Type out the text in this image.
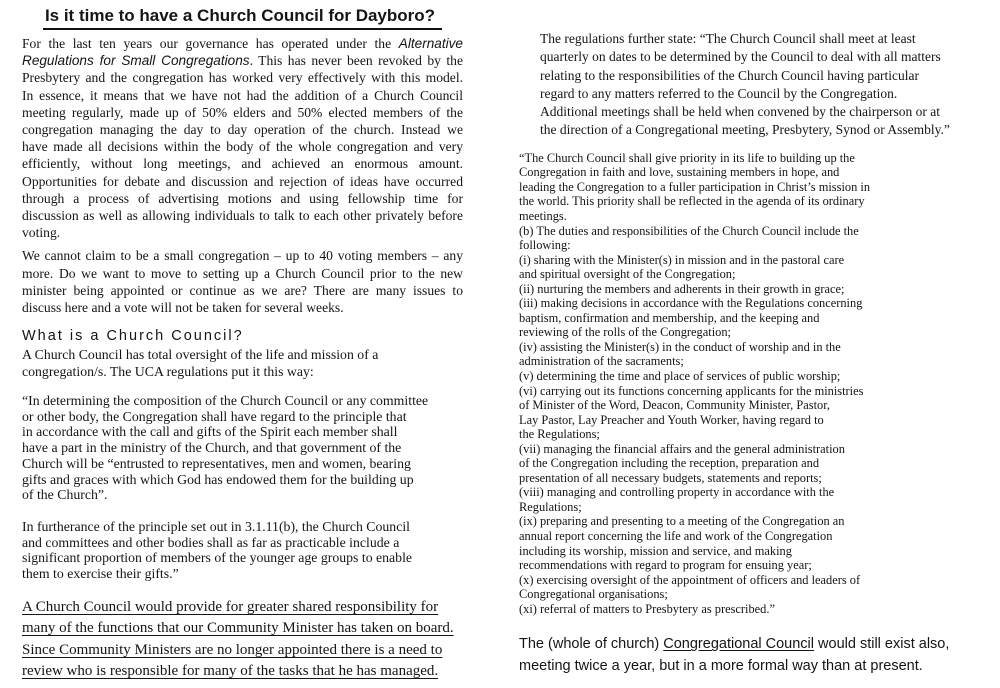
Is it time to have a Church Council for Dayboro?
For the last ten years our governance has operated under the Alternative
Regulations for Small Congregations. This has never been revoked by the
Presbytery and the congregation has worked very effectively with this model.
In essence, it means that we have not had the addition of a Church Council
meeting regularly, made up of 50% elders and 50% elected members of the
congregation managing the day to day operation of the church. Instead we
have made all decisions within the body of the whole congregation and very
efficiently, without long meetings, and achieved an enormous amount.
Opportunities for debate and discussion and rejection of ideas have occurred
through a process of advertising motions and using fellowship time for
discussion as well as allowing individuals to talk to each other privately before
voting.
We cannot claim to be a small congregation – up to 40 voting members – any
more. Do we want to move to setting up a Church Council prior to the new
minister being appointed or continue as we are? There are many issues to
discuss here and a vote will not be taken for several weeks.
What is a Church Council?
A Church Council has total oversight of the life and mission of a
congregation/s. The UCA regulations put it this way:
“In determining the composition of the Church Council or any committee
or other body, the Congregation shall have regard to the principle that
in accordance with the call and gifts of the Spirit each member shall
have a part in the ministry of the Church, and that government of the
Church will be “entrusted to representatives, men and women, bearing
gifts and graces with which God has endowed them for the building up
of the Church”.
In furtherance of the principle set out in 3.1.11(b), the Church Council
and committees and other bodies shall as far as practicable include a
significant proportion of members of the younger age groups to enable
them to exercise their gifts.”
A Church Council would provide for greater shared responsibility for
many of the functions that our Community Minister has taken on board.
Since Community Ministers are no longer appointed there is a need to
review who is responsible for many of the tasks that he has managed.
The regulations further state: “The Church Council shall meet at least
quarterly on dates to be determined by the Council to deal with all matters
relating to the responsibilities of the Church Council having particular
regard to any matters referred to the Council by the Congregation.
Additional meetings shall be held when convened by the chairperson or at
the direction of a Congregational meeting, Presbytery, Synod or Assembly.”
“The Church Council shall give priority in its life to building up the
Congregation in faith and love, sustaining members in hope, and
leading the Congregation to a fuller participation in Christ’s mission in
the world. This priority shall be reflected in the agenda of its ordinary
meetings.
(b) The duties and responsibilities of the Church Council include the
following:
(i) sharing with the Minister(s) in mission and in the pastoral care
and spiritual oversight of the Congregation;
(ii) nurturing the members and adherents in their growth in grace;
(iii) making decisions in accordance with the Regulations concerning
baptism, confirmation and membership, and the keeping and
reviewing of the rolls of the Congregation;
(iv) assisting the Minister(s) in the conduct of worship and in the
administration of the sacraments;
(v) determining the time and place of services of public worship;
(vi) carrying out its functions concerning applicants for the ministries
of Minister of the Word, Deacon, Community Minister, Pastor,
Lay Pastor, Lay Preacher and Youth Worker, having regard to
the Regulations;
(vii) managing the financial affairs and the general administration
of the Congregation including the reception, preparation and
presentation of all necessary budgets, statements and reports;
(viii) managing and controlling property in accordance with the
Regulations;
(ix) preparing and presenting to a meeting of the Congregation an
annual report concerning the life and work of the Congregation
including its worship, mission and service, and making
recommendations with regard to program for ensuing year;
(x) exercising oversight of the appointment of officers and leaders of
Congregational organisations;
(xi) referral of matters to Presbytery as prescribed.”
The (whole of church) Congregational Council would still exist also,
meeting twice a year, but in a more formal way than at present.
